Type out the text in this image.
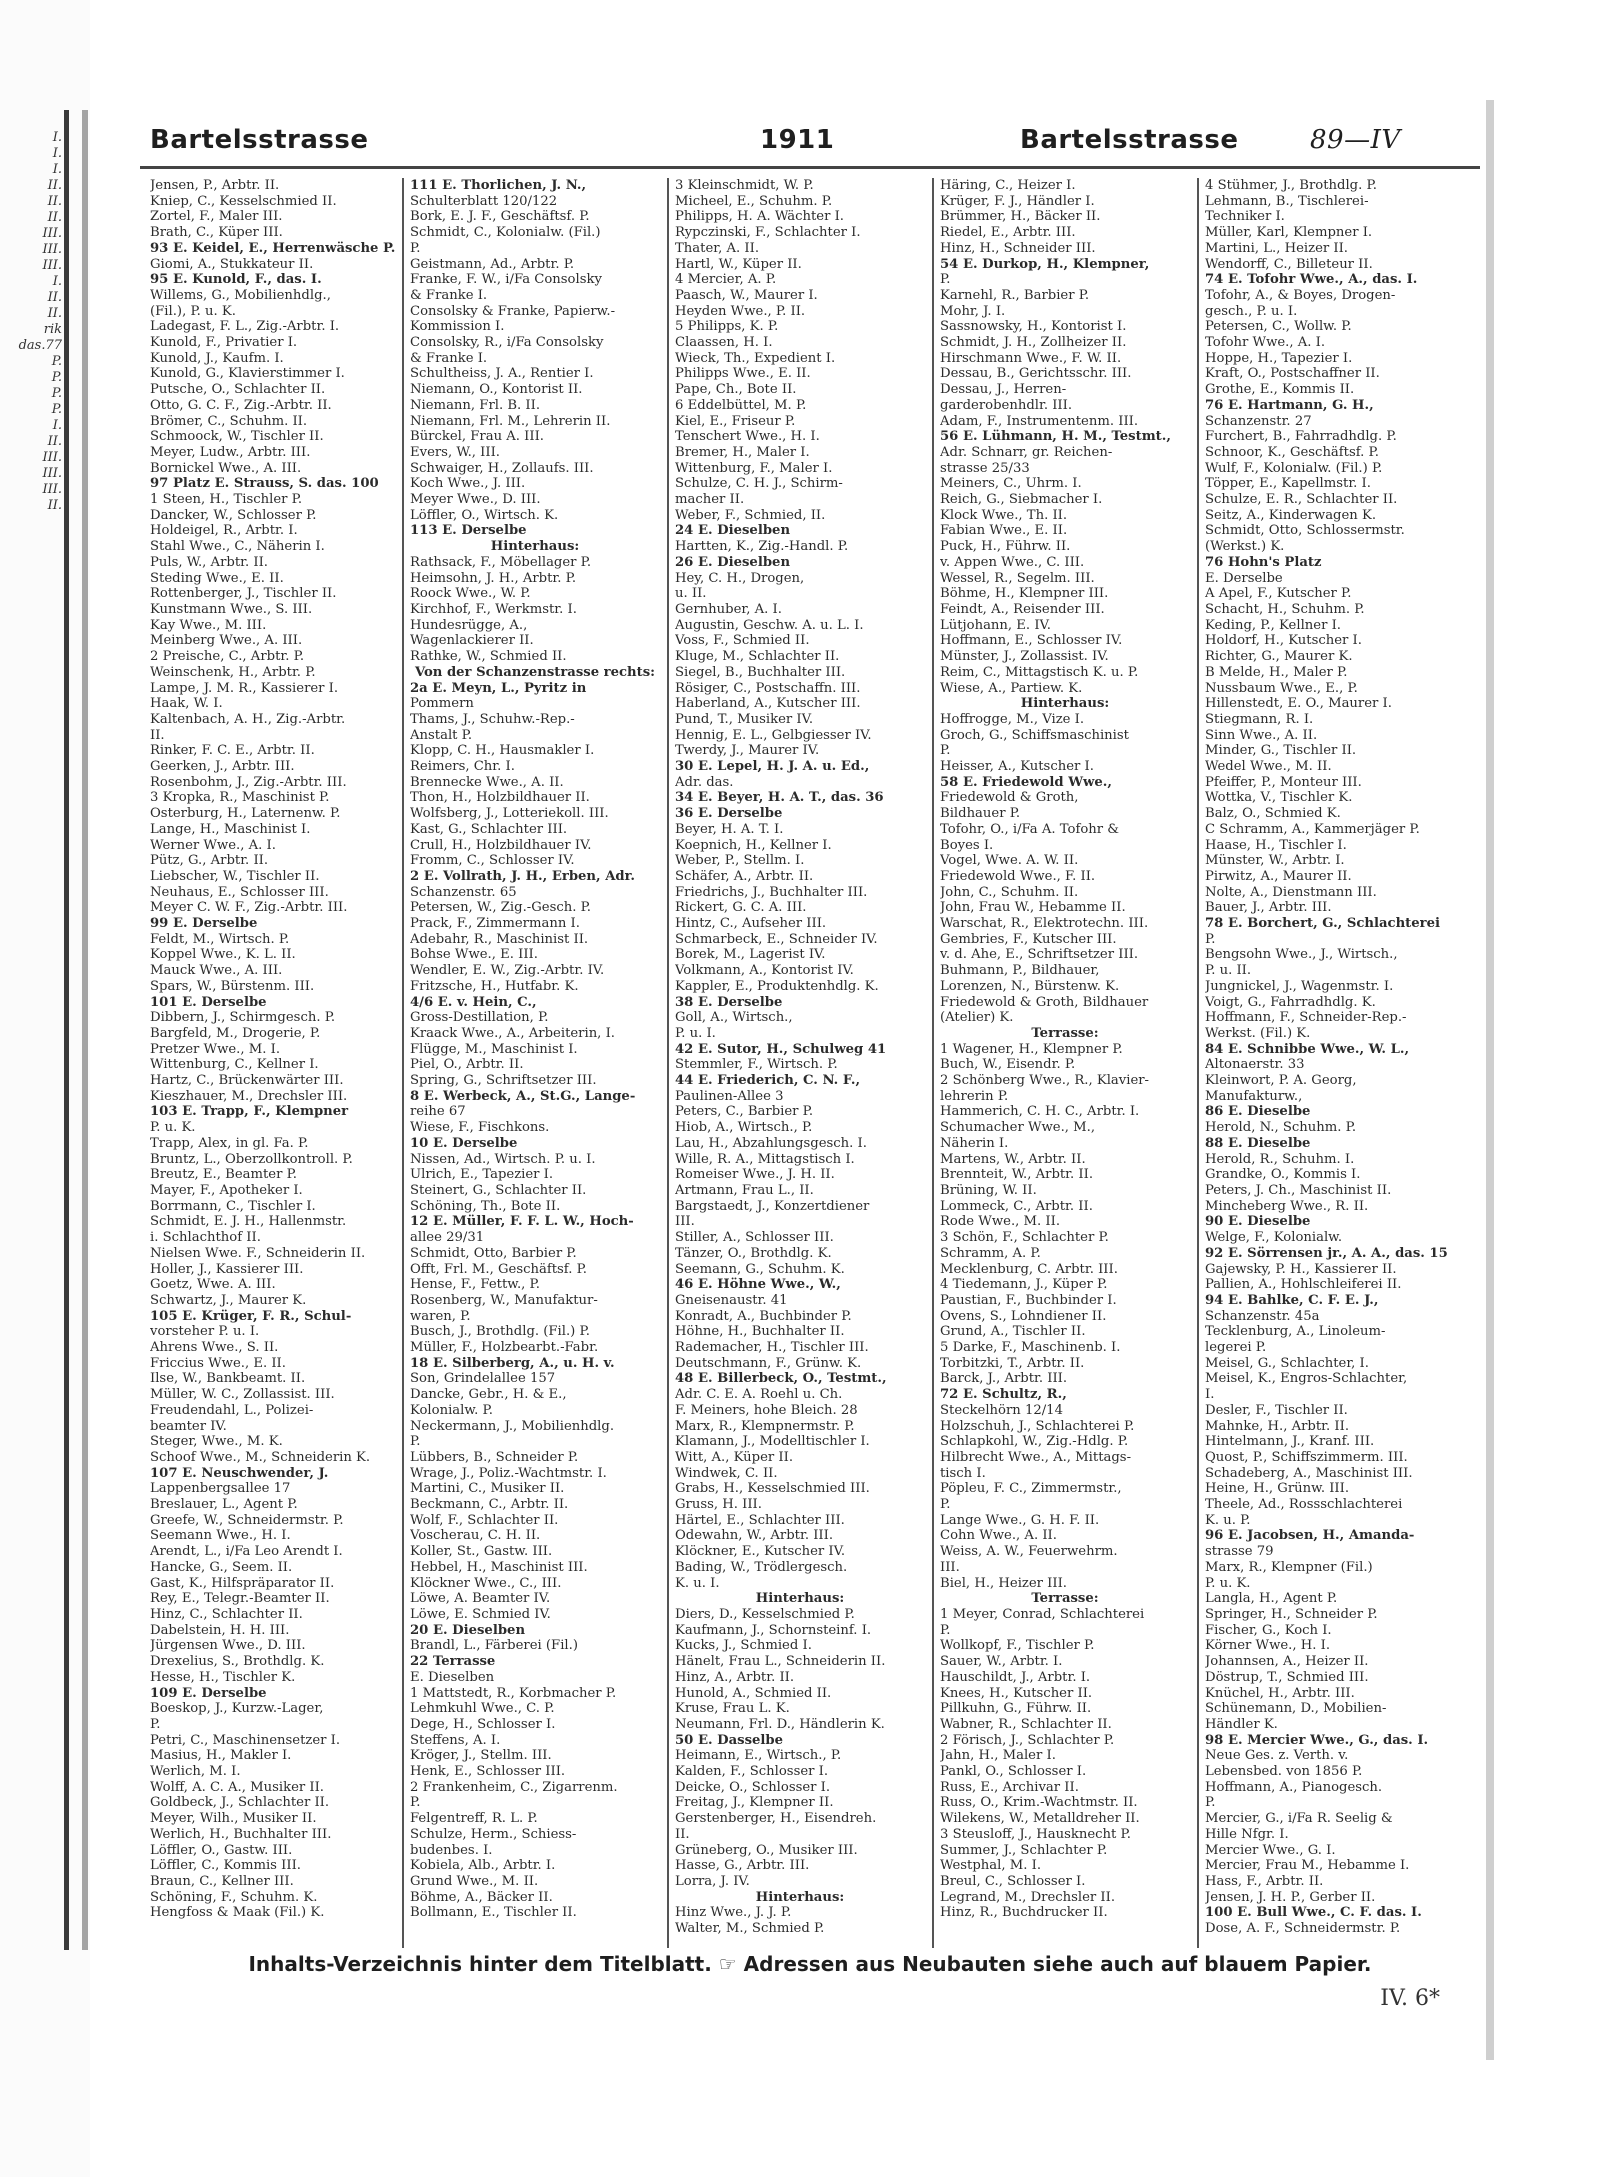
I.
I.
I.
II.
II.
II.
III.
III.
III.
I.
II.
II.
rik
das.77
P.
P.
P.
P.
I.
II.
III.
III.
III.
II.
Bartelsstrasse	1911	Bartelsstrasse	89—IV
Jensen, P., Arbtr. II.
Kniep, C., Kesselschmied II.
Zortel, F., Maler III.
Brath, C., Küper III.
93 E. Keidel, E., Herrenwäsche P.
Giomi, A., Stukkateur II.
95 E. Kunold, F., das. I.
Willems, G., Mobilienhdlg.,
(Fil.), P. u. K.
Ladegast, F. L., Zig.-Arbtr. I.
Kunold, F., Privatier I.
Kunold, J., Kaufm. I.
Kunold, G., Klavierstimmer I.
Putsche, O., Schlachter II.
Otto, G. C. F., Zig.-Arbtr. II.
Brömer, C., Schuhm. II.
Schmoock, W., Tischler II.
Meyer, Ludw., Arbtr. III.
Bornickel Wwe., A. III.
97 Platz E. Strauss, S. das. 100
1 Steen, H., Tischler P.
Dancker, W., Schlosser P.
Holdeigel, R., Arbtr. I.
Stahl Wwe., C., Näherin I.
Puls, W., Arbtr. II.
Steding Wwe., E. II.
Rottenberger, J., Tischler II.
Kunstmann Wwe., S. III.
Kay Wwe., M. III.
Meinberg Wwe., A. III.
2 Preische, C., Arbtr. P.
Weinschenk, H., Arbtr. P.
Lampe, J. M. R., Kassierer I.
Haak, W. I.
Kaltenbach, A. H., Zig.-Arbtr.
II.
Rinker, F. C. E., Arbtr. II.
Geerken, J., Arbtr. III.
Rosenbohm, J., Zig.-Arbtr. III.
3 Kropka, R., Maschinist P.
Osterburg, H., Laternenw. P.
Lange, H., Maschinist I.
Werner Wwe., A. I.
Pütz, G., Arbtr. II.
Liebscher, W., Tischler II.
Neuhaus, E., Schlosser III.
Meyer C. W. F., Zig.-Arbtr. III.
99 E. Derselbe
Feldt, M., Wirtsch. P.
Koppel Wwe., K. L. II.
Mauck Wwe., A. III.
Spars, W., Bürstenm. III.
101 E. Derselbe
Dibbern, J., Schirmgesch. P.
Bargfeld, M., Drogerie, P.
Pretzer Wwe., M. I.
Wittenburg, C., Kellner I.
Hartz, C., Brückenwärter III.
Kieszhauer, M., Drechsler III.
103 E. Trapp, F., Klempner
P. u. K.
Trapp, Alex, in gl. Fa. P.
Bruntz, L., Oberzollkontroll. P.
Breutz, E., Beamter P.
Mayer, F., Apotheker I.
Borrmann, C., Tischler I.
Schmidt, E. J. H., Hallenmstr.
i. Schlachthof II.
Nielsen Wwe. F., Schneiderin II.
Holler, J., Kassierer III.
Goetz, Wwe. A. III.
Schwartz, J., Maurer K.
105 E. Krüger, F. R., Schul-
vorsteher P. u. I.
Ahrens Wwe., S. II.
Friccius Wwe., E. II.
Ilse, W., Bankbeamt. II.
Müller, W. C., Zollassist. III.
Freudendahl, L., Polizei-
beamter IV.
Steger, Wwe., M. K.
Schoof Wwe., M., Schneiderin K.
107 E. Neuschwender, J.
Lappenbergsallee 17
Breslauer, L., Agent P.
Greefe, W., Schneidermstr. P.
Seemann Wwe., H. I.
Arendt, L., i/Fa Leo Arendt I.
Hancke, G., Seem. II.
Gast, K., Hilfspräparator II.
Rey, E., Telegr.-Beamter II.
Hinz, C., Schlachter II.
Dabelstein, H. H. III.
Jürgensen Wwe., D. III.
Drexelius, S., Brothdlg. K.
Hesse, H., Tischler K.
109 E. Derselbe
Boeskop, J., Kurzw.-Lager,
P.
Petri, C., Maschinensetzer I.
Masius, H., Makler I.
Werlich, M. I.
Wolff, A. C. A., Musiker II.
Goldbeck, J., Schlachter II.
Meyer, Wilh., Musiker II.
Werlich, H., Buchhalter III.
Löffler, O., Gastw. III.
Löffler, C., Kommis III.
Braun, C., Kellner III.
Schöning, F., Schuhm. K.
Hengfoss & Maak (Fil.) K.
111 E. Thorlichen, J. N.,
Schulterblatt 120/122
Bork, E. J. F., Geschäftsf. P.
Schmidt, C., Kolonialw. (Fil.)
P.
Geistmann, Ad., Arbtr. P.
Franke, F. W., i/Fa Consolsky
& Franke I.
Consolsky & Franke, Papierw.-
Kommission I.
Consolsky, R., i/Fa Consolsky
& Franke I.
Schultheiss, J. A., Rentier I.
Niemann, O., Kontorist II.
Niemann, Frl. B. II.
Niemann, Frl. M., Lehrerin II.
Bürckel, Frau A. III.
Evers, W., III.
Schwaiger, H., Zollaufs. III.
Koch Wwe., J. III.
Meyer Wwe., D. III.
Löffler, O., Wirtsch. K.
113 E. Derselbe
Hinterhaus:
Rathsack, F., Möbellager P.
Heimsohn, J. H., Arbtr. P.
Roock Wwe., W. P.
Kirchhof, F., Werkmstr. I.
Hundesrügge, A.,
Wagenlackierer II.
Rathke, W., Schmied II.
Von der Schanzenstrasse rechts:
2a E. Meyn, L., Pyritz in
Pommern
Thams, J., Schuhw.-Rep.-
Anstalt P.
Klopp, C. H., Hausmakler I.
Reimers, Chr. I.
Brennecke Wwe., A. II.
Thon, H., Holzbildhauer II.
Wolfsberg, J., Lotteriekoll. III.
Kast, G., Schlachter III.
Crull, H., Holzbildhauer IV.
Fromm, C., Schlosser IV.
2 E. Vollrath, J. H., Erben, Adr.
Schanzenstr. 65
Petersen, W., Zig.-Gesch. P.
Prack, F., Zimmermann I.
Adebahr, R., Maschinist II.
Bohse Wwe., E. III.
Wendler, E. W., Zig.-Arbtr. IV.
Fritzsche, H., Hutfabr. K.
4/6 E. v. Hein, C.,
Gross-Destillation, P.
Kraack Wwe., A., Arbeiterin, I.
Flügge, M., Maschinist I.
Piel, O., Arbtr. II.
Spring, G., Schriftsetzer III.
8 E. Werbeck, A., St.G., Lange-
reihe 67
Wiese, F., Fischkons.
10 E. Derselbe
Nissen, Ad., Wirtsch. P. u. I.
Ulrich, E., Tapezier I.
Steinert, G., Schlachter II.
Schöning, Th., Bote II.
12 E. Müller, F. F. L. W., Hoch-
allee 29/31
Schmidt, Otto, Barbier P.
Offt, Frl. M., Geschäftsf. P.
Hense, F., Fettw., P.
Rosenberg, W., Manufaktur-
waren, P.
Busch, J., Brothdlg. (Fil.) P.
Müller, F., Holzbearbt.-Fabr.
18 E. Silberberg, A., u. H. v.
Son, Grindelallee 157
Dancke, Gebr., H. & E.,
Kolonialw. P.
Neckermann, J., Mobilienhdlg.
P.
Lübbers, B., Schneider P.
Wrage, J., Poliz.-Wachtmstr. I.
Martini, C., Musiker II.
Beckmann, C., Arbtr. II.
Wolf, F., Schlachter II.
Voscherau, C. H. II.
Koller, St., Gastw. III.
Hebbel, H., Maschinist III.
Klöckner Wwe., C., III.
Löwe, A. Beamter IV.
Löwe, E. Schmied IV.
20 E. Dieselben
Brandl, L., Färberei (Fil.)
22 Terrasse
E. Dieselben
1 Mattstedt, R., Korbmacher P.
Lehmkuhl Wwe., C. P.
Dege, H., Schlosser I.
Steffens, A. I.
Kröger, J., Stellm. III.
Henk, E., Schlosser III.
2 Frankenheim, C., Zigarrenm.
P.
Felgentreff, R. L. P.
Schulze, Herm., Schiess-
budenbes. I.
Kobiela, Alb., Arbtr. I.
Grund Wwe., M. II.
Böhme, A., Bäcker II.
Bollmann, E., Tischler II.
3 Kleinschmidt, W. P.
Micheel, E., Schuhm. P.
Philipps, H. A. Wächter I.
Rypczinski, F., Schlachter I.
Thater, A. II.
Hartl, W., Küper II.
4 Mercier, A. P.
Paasch, W., Maurer I.
Heyden Wwe., P. II.
5 Philipps, K. P.
Claassen, H. I.
Wieck, Th., Expedient I.
Philipps Wwe., E. II.
Pape, Ch., Bote II.
6 Eddelbüttel, M. P.
Kiel, E., Friseur P.
Tenschert Wwe., H. I.
Bremer, H., Maler I.
Wittenburg, F., Maler I.
Schulze, C. H. J., Schirm-
macher II.
Weber, F., Schmied, II.
24 E. Dieselben
Hartten, K., Zig.-Handl. P.
26 E. Dieselben
Hey, C. H., Drogen,
u. II.
Gernhuber, A. I.
Augustin, Geschw. A. u. L. I.
Voss, F., Schmied II.
Kluge, M., Schlachter II.
Siegel, B., Buchhalter III.
Rösiger, C., Postschaffn. III.
Haberland, A., Kutscher III.
Pund, T., Musiker IV.
Hennig, E. L., Gelbgiesser IV.
Twerdy, J., Maurer IV.
30 E. Lepel, H. J. A. u. Ed.,
Adr. das.
34 E. Beyer, H. A. T., das. 36
36 E. Derselbe
Beyer, H. A. T. I.
Koepnich, H., Kellner I.
Weber, P., Stellm. I.
Schäfer, A., Arbtr. II.
Friedrichs, J., Buchhalter III.
Rickert, G. C. A. III.
Hintz, C., Aufseher III.
Schmarbeck, E., Schneider IV.
Borek, M., Lagerist IV.
Volkmann, A., Kontorist IV.
Kappler, E., Produktenhdlg. K.
38 E. Derselbe
Goll, A., Wirtsch.,
P. u. I.
42 E. Sutor, H., Schulweg 41
Stemmler, F., Wirtsch. P.
44 E. Friederich, C. N. F.,
Paulinen-Allee 3
Peters, C., Barbier P.
Hiob, A., Wirtsch., P.
Lau, H., Abzahlungsgesch. I.
Wille, R. A., Mittagstisch I.
Romeiser Wwe., J. H. II.
Artmann, Frau L., II.
Bargstaedt, J., Konzertdiener
III.
Stiller, A., Schlosser III.
Tänzer, O., Brothdlg. K.
Seemann, G., Schuhm. K.
46 E. Höhne Wwe., W.,
Gneisenaustr. 41
Konradt, A., Buchbinder P.
Höhne, H., Buchhalter II.
Rademacher, H., Tischler III.
Deutschmann, F., Grünw. K.
48 E. Billerbeck, O., Testmt.,
Adr. C. E. A. Roehl u. Ch.
F. Meiners, hohe Bleich. 28
Marx, R., Klempnermstr. P.
Klamann, J., Modelltischler I.
Witt, A., Küper II.
Windwek, C. II.
Grabs, H., Kesselschmied III.
Gruss, H. III.
Härtel, E., Schlachter III.
Odewahn, W., Arbtr. III.
Klöckner, E., Kutscher IV.
Bading, W., Trödlergesch.
K. u. I.
Hinterhaus:
Diers, D., Kesselschmied P.
Kaufmann, J., Schornsteinf. I.
Kucks, J., Schmied I.
Hänelt, Frau L., Schneiderin II.
Hinz, A., Arbtr. II.
Hunold, A., Schmied II.
Kruse, Frau L. K.
Neumann, Frl. D., Händlerin K.
50 E. Dasselbe
Heimann, E., Wirtsch., P.
Kalden, F., Schlosser I.
Deicke, O., Schlosser I.
Freitag, J., Klempner II.
Gerstenberger, H., Eisendreh.
II.
Grüneberg, O., Musiker III.
Hasse, G., Arbtr. III.
Lorra, J. IV.
Hinterhaus:
Hinz Wwe., J. J. P.
Walter, M., Schmied P.
Häring, C., Heizer I.
Krüger, F. J., Händler I.
Brümmer, H., Bäcker II.
Riedel, E., Arbtr. III.
Hinz, H., Schneider III.
54 E. Durkop, H., Klempner,
P.
Karnehl, R., Barbier P.
Mohr, J. I.
Sassnowsky, H., Kontorist I.
Schmidt, J. H., Zollheizer II.
Hirschmann Wwe., F. W. II.
Dessau, B., Gerichtsschr. III.
Dessau, J., Herren-
garderobenhdlr. III.
Adam, F., Instrumentenm. III.
56 E. Lühmann, H. M., Testmt.,
Adr. Schnarr, gr. Reichen-
strasse 25/33
Meiners, C., Uhrm. I.
Reich, G., Siebmacher I.
Klock Wwe., Th. II.
Fabian Wwe., E. II.
Puck, H., Führw. II.
v. Appen Wwe., C. III.
Wessel, R., Segelm. III.
Böhme, H., Klempner III.
Feindt, A., Reisender III.
Lütjohann, E. IV.
Hoffmann, E., Schlosser IV.
Münster, J., Zollassist. IV.
Reim, C., Mittagstisch K. u. P.
Wiese, A., Partiew. K.
Hinterhaus:
Hoffrogge, M., Vize I.
Groch, G., Schiffsmaschinist
P.
Heisser, A., Kutscher I.
58 E. Friedewold Wwe.,
Friedewold & Groth,
Bildhauer P.
Tofohr, O., i/Fa A. Tofohr &
Boyes I.
Vogel, Wwe. A. W. II.
Friedewold Wwe., F. II.
John, C., Schuhm. II.
John, Frau W., Hebamme II.
Warschat, R., Elektrotechn. III.
Gembries, F., Kutscher III.
v. d. Ahe, E., Schriftsetzer III.
Buhmann, P., Bildhauer,
Lorenzen, N., Bürstenw. K.
Friedewold & Groth, Bildhauer
(Atelier) K.
Terrasse:
1 Wagener, H., Klempner P.
Buch, W., Eisendr. P.
2 Schönberg Wwe., R., Klavier-
lehrerin P.
Hammerich, C. H. C., Arbtr. I.
Schumacher Wwe., M.,
Näherin I.
Martens, W., Arbtr. II.
Brennteit, W., Arbtr. II.
Brüning, W. II.
Lommeck, C., Arbtr. II.
Rode Wwe., M. II.
3 Schön, F., Schlachter P.
Schramm, A. P.
Mecklenburg, C. Arbtr. III.
4 Tiedemann, J., Küper P.
Paustian, F., Buchbinder I.
Ovens, S., Lohndiener II.
Grund, A., Tischler II.
5 Darke, F., Maschinenb. I.
Torbitzki, T., Arbtr. II.
Barck, J., Arbtr. III.
72 E. Schultz, R.,
Steckelhörn 12/14
Holzschuh, J., Schlachterei P.
Schlapkohl, W., Zig.-Hdlg. P.
Hilbrecht Wwe., A., Mittags-
tisch I.
Pöpleu, F. C., Zimmermstr.,
P.
Lange Wwe., G. H. F. II.
Cohn Wwe., A. II.
Weiss, A. W., Feuerwehrm.
III.
Biel, H., Heizer III.
Terrasse:
1 Meyer, Conrad, Schlachterei
P.
Wollkopf, F., Tischler P.
Sauer, W., Arbtr. I.
Hauschildt, J., Arbtr. I.
Knees, H., Kutscher II.
Pillkuhn, G., Führw. II.
Wabner, R., Schlachter II.
2 Förisch, J., Schlachter P.
Jahn, H., Maler I.
Pankl, O., Schlosser I.
Russ, E., Archivar II.
Russ, O., Krim.-Wachtmstr. II.
Wilekens, W., Metalldreher II.
3 Steusloff, J., Hausknecht P.
Summer, J., Schlachter P.
Westphal, M. I.
Breul, C., Schlosser I.
Legrand, M., Drechsler II.
Hinz, R., Buchdrucker II.
4 Stühmer, J., Brothdlg. P.
Lehmann, B., Tischlerei-
Techniker I.
Müller, Karl, Klempner I.
Martini, L., Heizer II.
Wendorff, C., Billeteur II.
74 E. Tofohr Wwe., A., das. I.
Tofohr, A., & Boyes, Drogen-
gesch., P. u. I.
Petersen, C., Wollw. P.
Tofohr Wwe., A. I.
Hoppe, H., Tapezier I.
Kraft, O., Postschaffner II.
Grothe, E., Kommis II.
76 E. Hartmann, G. H.,
Schanzenstr. 27
Furchert, B., Fahrradhdlg. P.
Schnoor, K., Geschäftsf. P.
Wulf, F., Kolonialw. (Fil.) P.
Töpper, E., Kapellmstr. I.
Schulze, E. R., Schlachter II.
Seitz, A., Kinderwagen K.
Schmidt, Otto, Schlossermstr.
(Werkst.) K.
76 Hohn's Platz
E. Derselbe
A Apel, F., Kutscher P.
Schacht, H., Schuhm. P.
Keding, P., Kellner I.
Holdorf, H., Kutscher I.
Richter, G., Maurer K.
B Melde, H., Maler P.
Nussbaum Wwe., E., P.
Hillenstedt, E. O., Maurer I.
Stiegmann, R. I.
Sinn Wwe., A. II.
Minder, G., Tischler II.
Wedel Wwe., M. II.
Pfeiffer, P., Monteur III.
Wottka, V., Tischler K.
Balz, O., Schmied K.
C Schramm, A., Kammerjäger P.
Haase, H., Tischler I.
Münster, W., Arbtr. I.
Pirwitz, A., Maurer II.
Nolte, A., Dienstmann III.
Bauer, J., Arbtr. III.
78 E. Borchert, G., Schlachterei
P.
Bengsohn Wwe., J., Wirtsch.,
P. u. II.
Jungnickel, J., Wagenmstr. I.
Voigt, G., Fahrradhdlg. K.
Hoffmann, F., Schneider-Rep.-
Werkst. (Fil.) K.
84 E. Schnibbe Wwe., W. L.,
Altonaerstr. 33
Kleinwort, P. A. Georg,
Manufakturw.,
86 E. Dieselbe
Herold, N., Schuhm. P.
88 E. Dieselbe
Herold, R., Schuhm. I.
Grandke, O., Kommis I.
Peters, J. Ch., Maschinist II.
Mincheberg Wwe., R. II.
90 E. Dieselbe
Welge, F., Kolonialw.
92 E. Sörrensen jr., A. A., das. 15
Gajewsky, P. H., Kassierer II.
Pallien, A., Hohlschleiferei II.
94 E. Bahlke, C. F. E. J.,
Schanzenstr. 45a
Tecklenburg, A., Linoleum-
legerei P.
Meisel, G., Schlachter, I.
Meisel, K., Engros-Schlachter,
I.
Desler, F., Tischler II.
Mahnke, H., Arbtr. II.
Hintelmann, J., Kranf. III.
Quost, P., Schiffszimmerm. III.
Schadeberg, A., Maschinist III.
Heine, H., Grünw. III.
Theele, Ad., Rossschlachterei
K. u. P.
96 E. Jacobsen, H., Amanda-
strasse 79
Marx, R., Klempner (Fil.)
P. u. K.
Langla, H., Agent P.
Springer, H., Schneider P.
Fischer, G., Koch I.
Körner Wwe., H. I.
Johannsen, A., Heizer II.
Döstrup, T., Schmied III.
Knüchel, H., Arbtr. III.
Schünemann, D., Mobilien-
Händler K.
98 E. Mercier Wwe., G., das. I.
Neue Ges. z. Verth. v.
Lebensbed. von 1856 P.
Hoffmann, A., Pianogesch.
P.
Mercier, G., i/Fa R. Seelig &
Hille Nfgr. I.
Mercier Wwe., G. I.
Mercier, Frau M., Hebamme I.
Hass, F., Arbtr. II.
Jensen, J. H. P., Gerber II.
100 E. Bull Wwe., C. F. das. I.
Dose, A. F., Schneidermstr. P.
Inhalts-Verzeichnis hinter dem Titelblatt. ☞ Adressen aus Neubauten siehe auch auf blauem Papier.
IV. 6*
